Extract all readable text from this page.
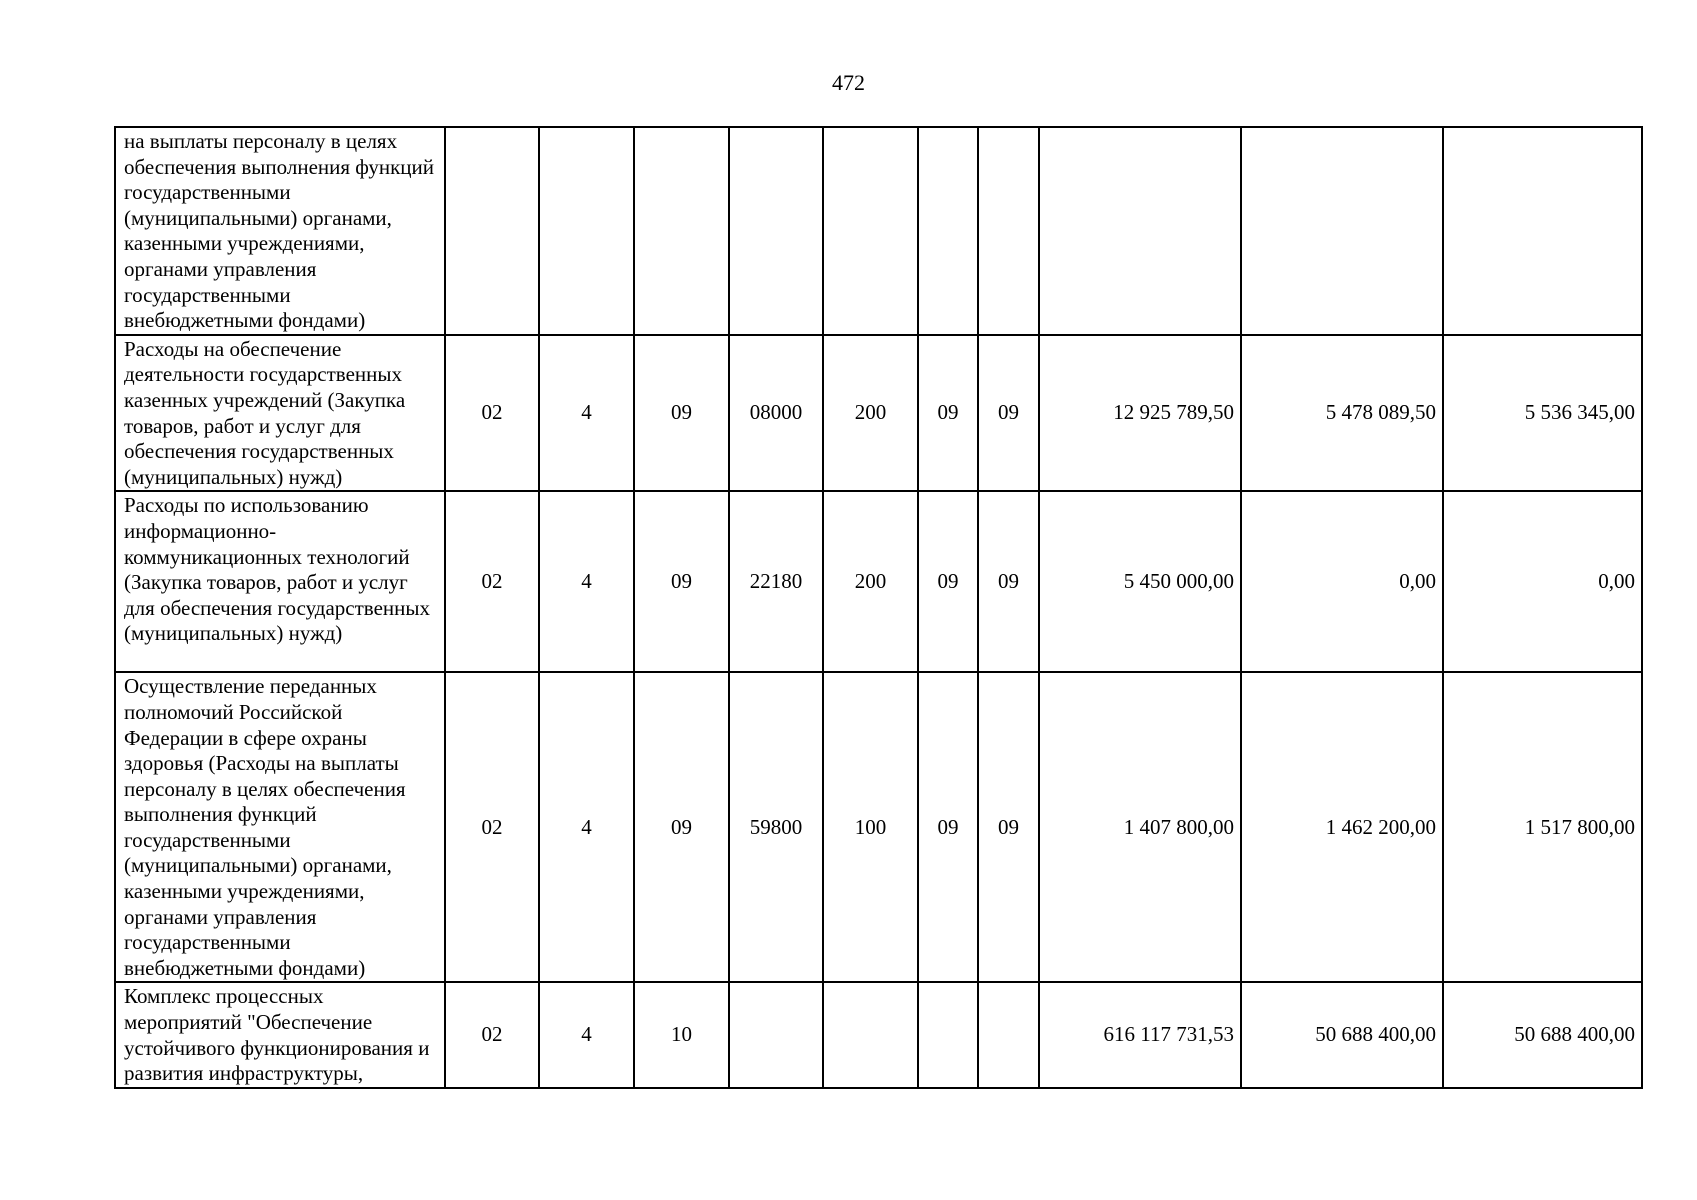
472
на выплаты персоналу в целях обеспечения выполнения функций государственными (муниципальными) органами, казенными учреждениями, органами управления государственными внебюджетными фондами)										
Расходы на обеспечение деятельности государственных казенных учреждений (Закупка товаров, работ и услуг для обеспечения государственных (муниципальных) нужд)	02	4	09	08000	200	09	09	12 925 789,50	5 478 089,50	5 536 345,00
Расходы по использованию информационно-коммуникационных технологий (Закупка товаров, работ и услуг для обеспечения государственных (муниципальных) нужд)	02	4	09	22180	200	09	09	5 450 000,00	0,00	0,00
Осуществление переданных полномочий Российской Федерации в сфере охраны здоровья (Расходы на выплаты персоналу в целях обеспечения выполнения функций государственными (муниципальными) органами, казенными учреждениями, органами управления государственными внебюджетными фондами)	02	4	09	59800	100	09	09	1 407 800,00	1 462 200,00	1 517 800,00
Комплекс процессных мероприятий "Обеспечение устойчивого функционирования и развития инфраструктуры,	02	4	10					616 117 731,53	50 688 400,00	50 688 400,00
